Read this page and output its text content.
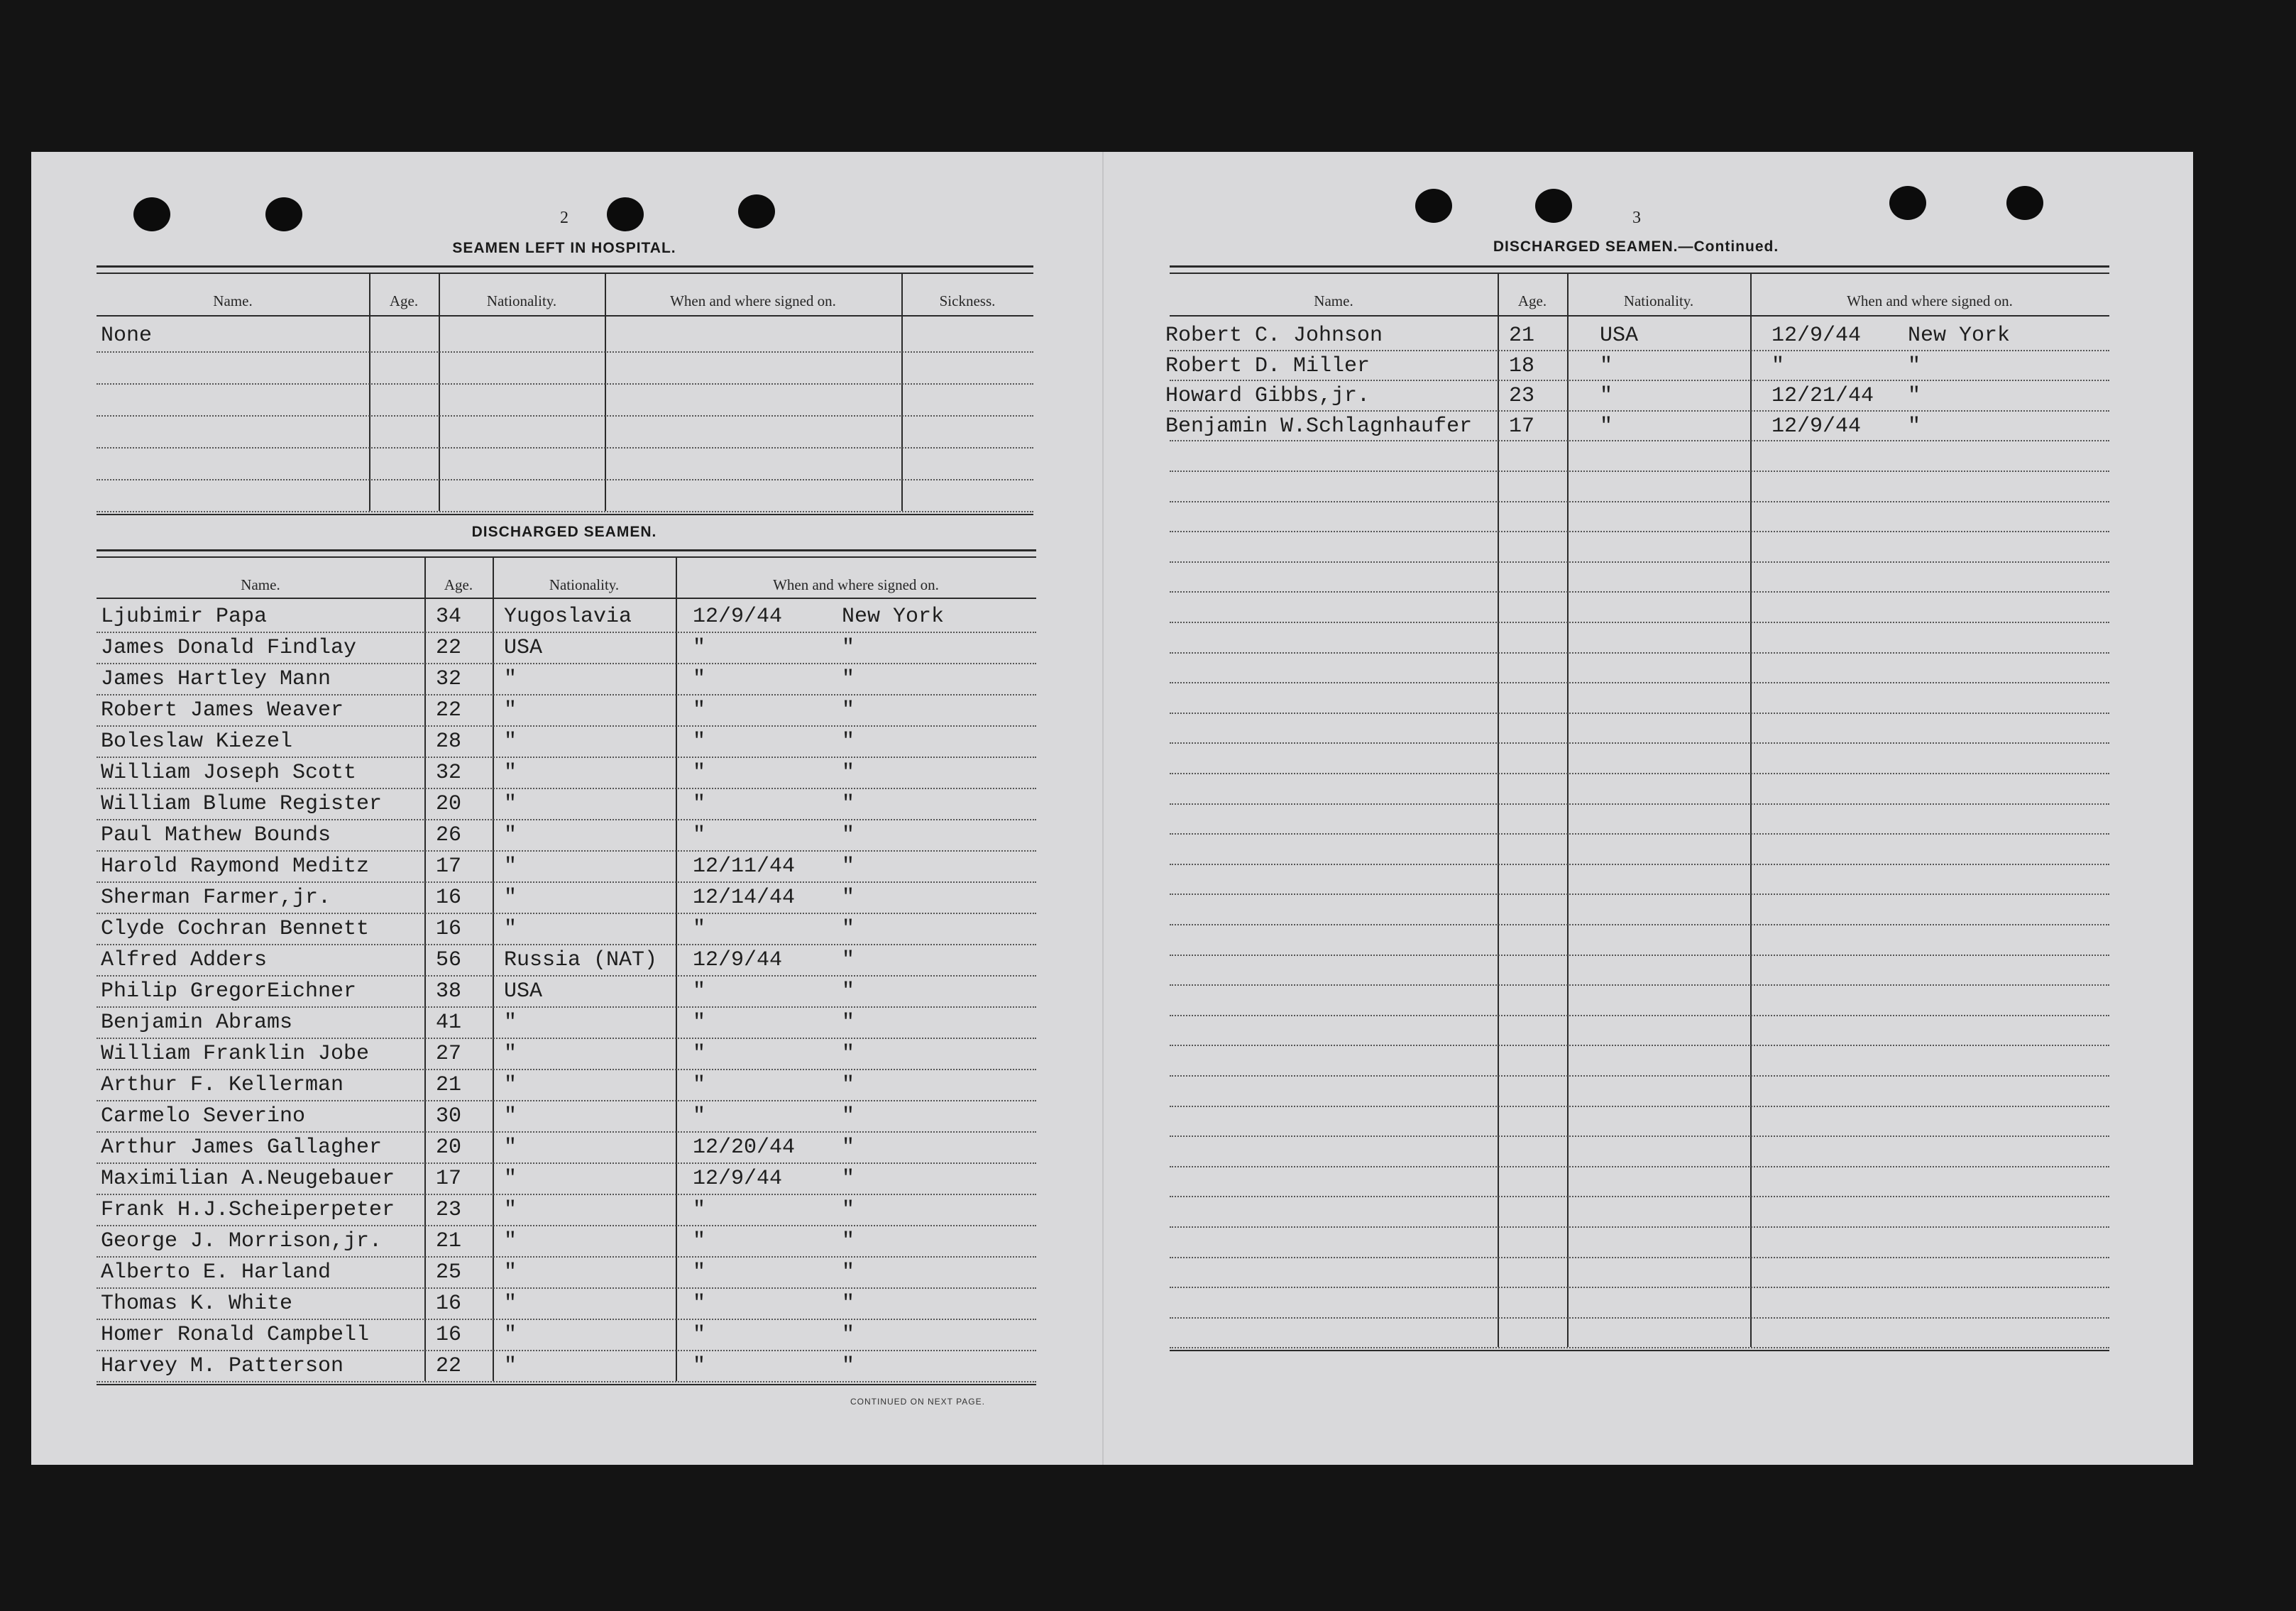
2
SEAMEN LEFT IN HOSPITAL.
Name.	Age.	Nationality.	When and where signed on.	Sickness.
None
DISCHARGED SEAMEN.
Name.	Age.	Nationality.	When and where signed on.
Ljubimir Papa	34 Yugoslavia	12/9/44	New York
James Donald Findlay	22 USA	"	"
James Hartley Mann	32 "	"	"
Robert James Weaver	22 "	"	"
Boleslaw Kiezel	28 "	"	"
William Joseph Scott	32 "	"	"
William Blume Register	20 "	"	"
Paul Mathew Bounds	26 "	"	"
Harold Raymond Meditz	17 "	12/11/44 "
Sherman Farmer,jr.	16 "	12/14/44 "
Clyde Cochran Bennett	16 "	"	"
Alfred Adders	56 Russia (NAT) 12/9/44	"
Philip GregorEichner	38 USA	"	"
Benjamin Abrams	41 "	"	"
William Franklin Jobe	27 "	"	"
Arthur F. Kellerman	21 "	"	"
Carmelo Severino	30 "	"	"
Arthur James Gallagher	20 "	12/20/44 "
Maximilian A.Neugebauer 17 "	12/9/44	"
Frank H.J.Scheiperpeter 23 "	"	"
George J. Morrison,jr.	21 "	"	"
Alberto E. Harland	25 "	"	"
Thomas K. White	16 "	"	"
Homer Ronald Campbell	16 "	"	"
Harvey M. Patterson	22 "	"	"
CONTINUED ON NEXT PAGE.
3
DISCHARGED SEAMEN.—Continued.
Name.	Age.	Nationality.	When and where signed on.
Robert C. Johnson	21	USA	12/9/44 New York
Robert D. Miller	18	"	"	"
Howard Gibbs,jr.	23	"	12/21/44 "
Benjamin W.Schlagnhaufer 17	"	12/9/44 "
